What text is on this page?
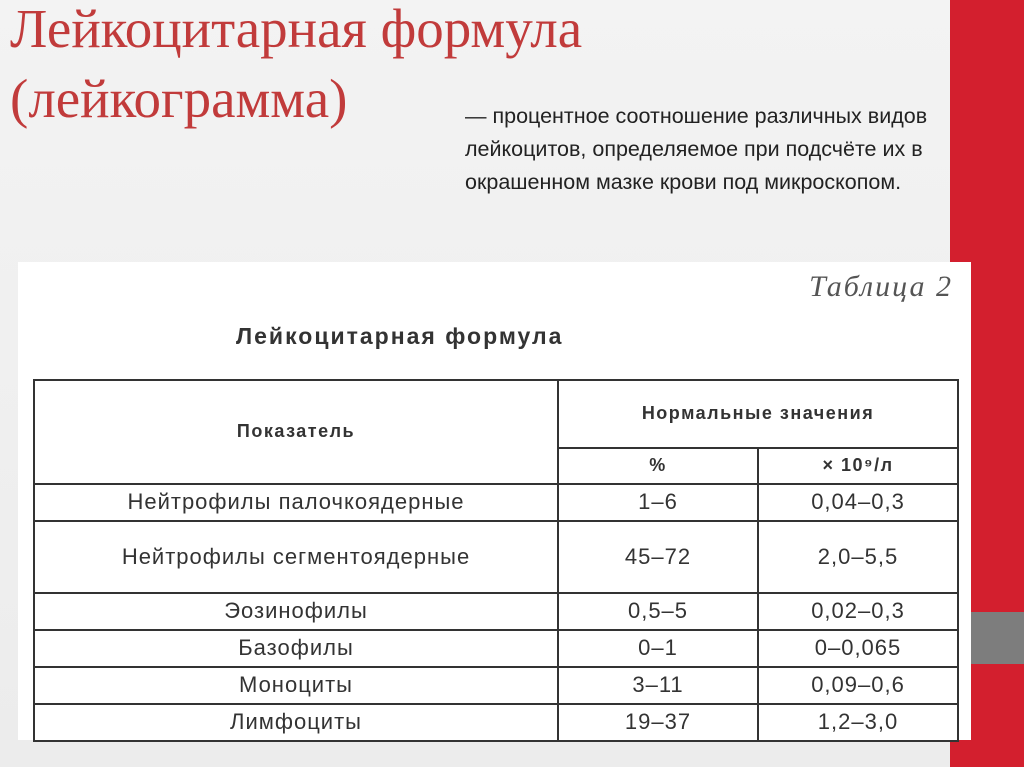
Лейкоцитарная формула
(лейкограмма)	— процентное соотношение различных видов лейкоцитов, определяемое при подсчёте их в окрашенном мазке крови под микроскопом.

Таблица 2
Лейкоцитарная формула
Показатель	Нормальные значения	
	%	× 10⁹/л
Нейтрофилы палочкоядерные	1–6	0,04–0,3
Нейтрофилы сегментоядерные	45–72	2,0–5,5
Эозинофилы	0,5–5	0,02–0,3
Базофилы	0–1	0–0,065
Моноциты	3–11	0,09–0,6
Лимфоциты	19–37	1,2–3,0
